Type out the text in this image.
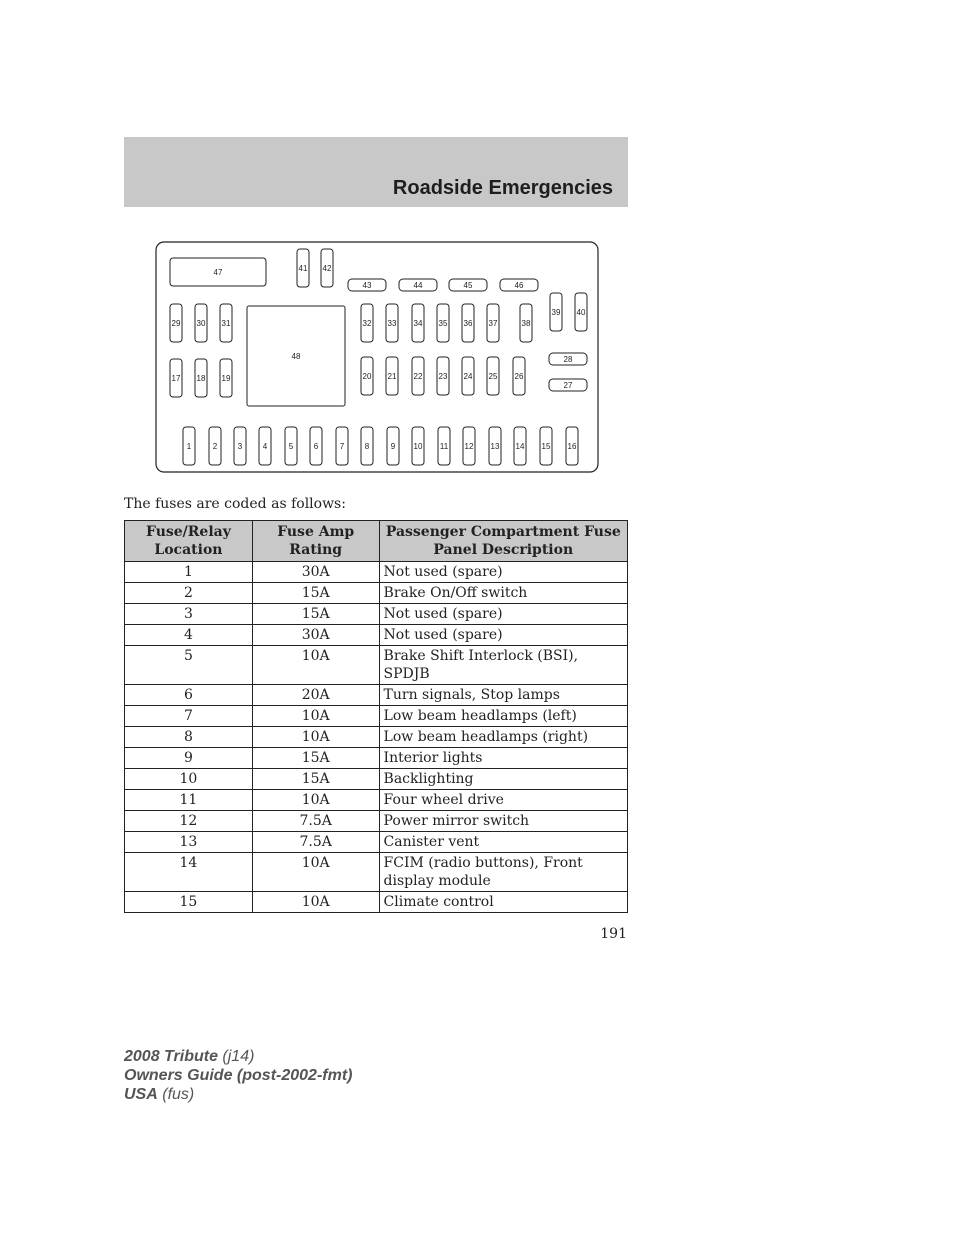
Roadside Emergencies
47	41 42
43	44	45	46
39 40
29 30 31
48
32 33 34 35 36 37	38
28
27
17 18 19	20 21 22 23 24 25 26
1	2	3	4	5	6	7	8	9 10 11 12 13 14 15 16
The fuses are coded as follows:
Fuse/Relay Location	Fuse Amp Rating	Passenger Compartment Fuse Panel Description
1	30A	Not used (spare)
2	15A	Brake On/Off switch
3	15A	Not used (spare)
4	30A	Not used (spare)
5	10A	Brake Shift Interlock (BSI), SPDJB
6	20A	Turn signals, Stop lamps
7	10A	Low beam headlamps (left)
8	10A	Low beam headlamps (right)
9	15A	Interior lights
10	15A	Backlighting
11	10A	Four wheel drive
12	7.5A	Power mirror switch
13	7.5A	Canister vent
14	10A	FCIM (radio buttons), Front display module
15	10A	Climate control
191
2008 Tribute (j14)
Owners Guide (post-2002-fmt)
USA (fus)
